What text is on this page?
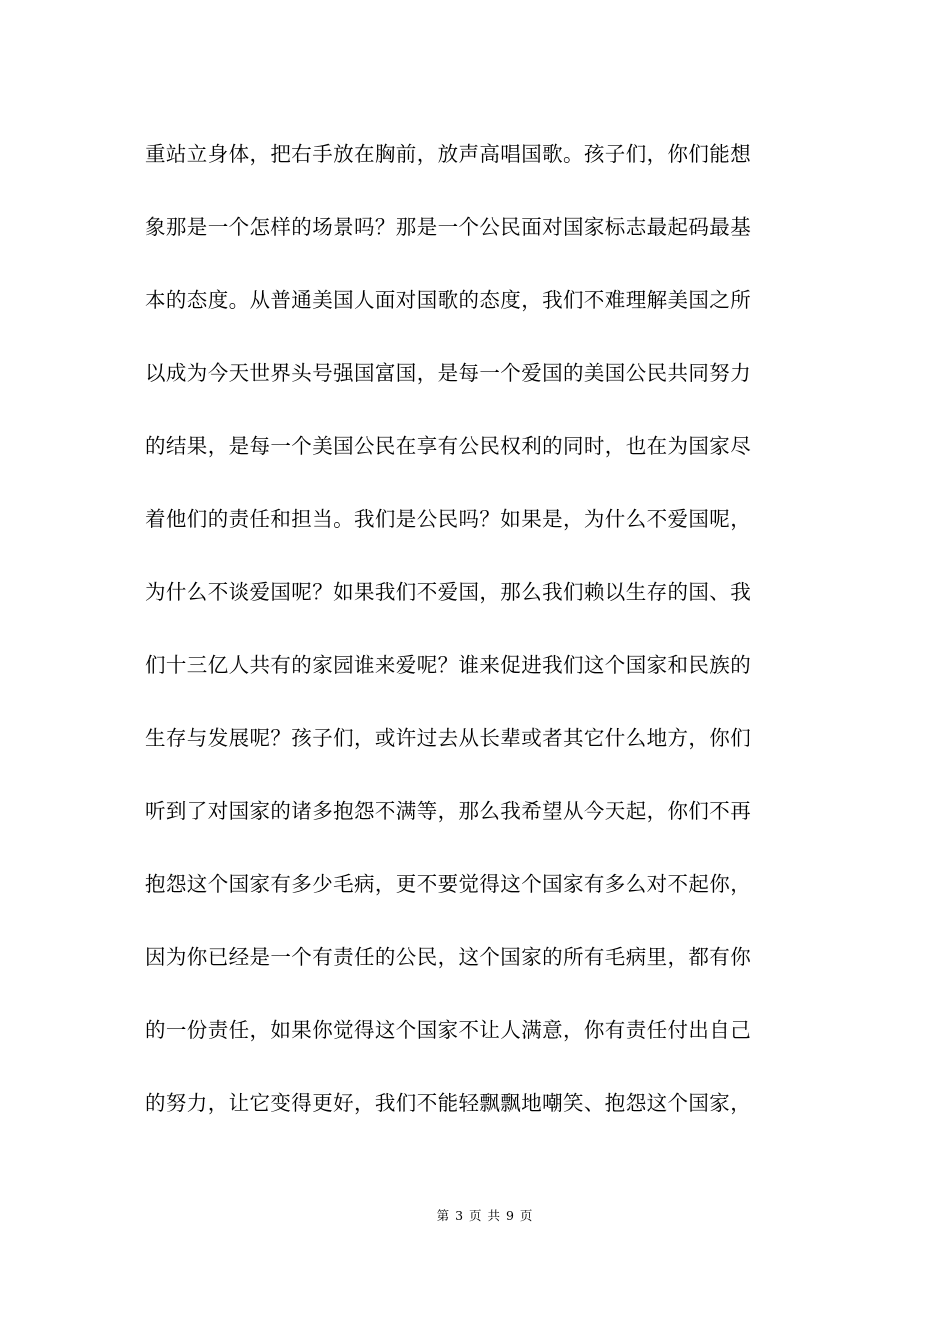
重站立身体，把右手放在胸前，放声高唱国歌。孩子们，你们能想
象那是一个怎样的场景吗？那是一个公民面对国家标志最起码最基
本的态度。从普通美国人面对国歌的态度，我们不难理解美国之所
以成为今天世界头号强国富国，是每一个爱国的美国公民共同努力
的结果，是每一个美国公民在享有公民权利的同时，也在为国家尽
着他们的责任和担当。我们是公民吗？如果是，为什么不爱国呢，
为什么不谈爱国呢？如果我们不爱国，那么我们赖以生存的国、我
们十三亿人共有的家园谁来爱呢？谁来促进我们这个国家和民族的
生存与发展呢？孩子们，或许过去从长辈或者其它什么地方，你们
听到了对国家的诸多抱怨不满等，那么我希望从今天起，你们不再
抱怨这个国家有多少毛病，更不要觉得这个国家有多么对不起你，
因为你已经是一个有责任的公民，这个国家的所有毛病里，都有你
的一份责任，如果你觉得这个国家不让人满意，你有责任付出自己
的努力，让它变得更好，我们不能轻飘飘地嘲笑、抱怨这个国家，
第 3 页 共 9 页
